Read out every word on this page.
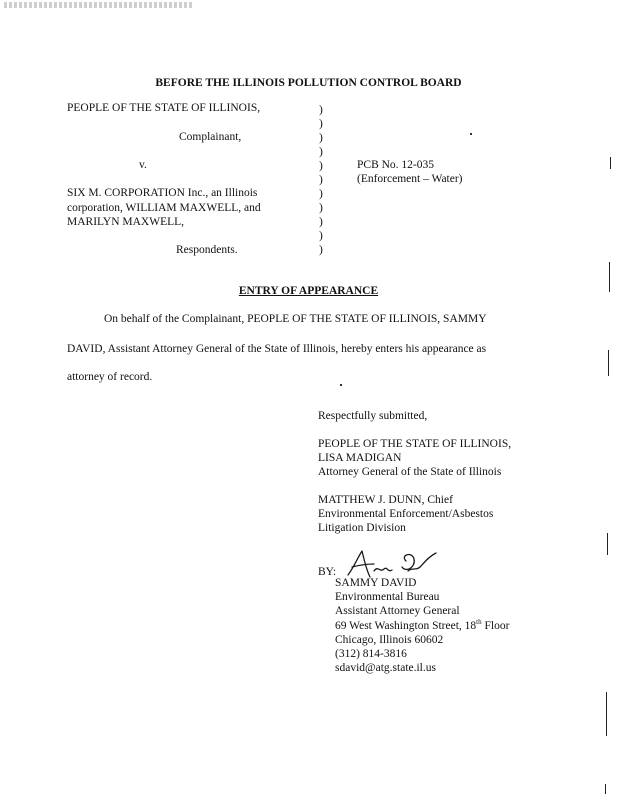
BEFORE THE ILLINOIS POLLUTION CONTROL BOARD
PEOPLE OF THE STATE OF ILLINOIS,
Complainant,
v.
SIX M. CORPORATION Inc., an Illinois
corporation, WILLIAM MAXWELL, and
MARILYN MAXWELL,
Respondents.
)
)
)
)
)
)
)
)
)
)
)
PCB No. 12-035
(Enforcement – Water)
ENTRY OF APPEARANCE
On behalf of the Complainant, PEOPLE OF THE STATE OF ILLINOIS, SAMMY
DAVID, Assistant Attorney General of the State of Illinois, hereby enters his appearance as
attorney of record.
Respectfully submitted,
PEOPLE OF THE STATE OF ILLINOIS,
LISA MADIGAN
Attorney General of the State of Illinois
MATTHEW J. DUNN, Chief
Environmental Enforcement/Asbestos
Litigation Division
BY:
SAMMY DAVID
Environmental Bureau
Assistant Attorney General
69 West Washington Street, 18th Floor
Chicago, Illinois 60602
(312) 814-3816
sdavid@atg.state.il.us
